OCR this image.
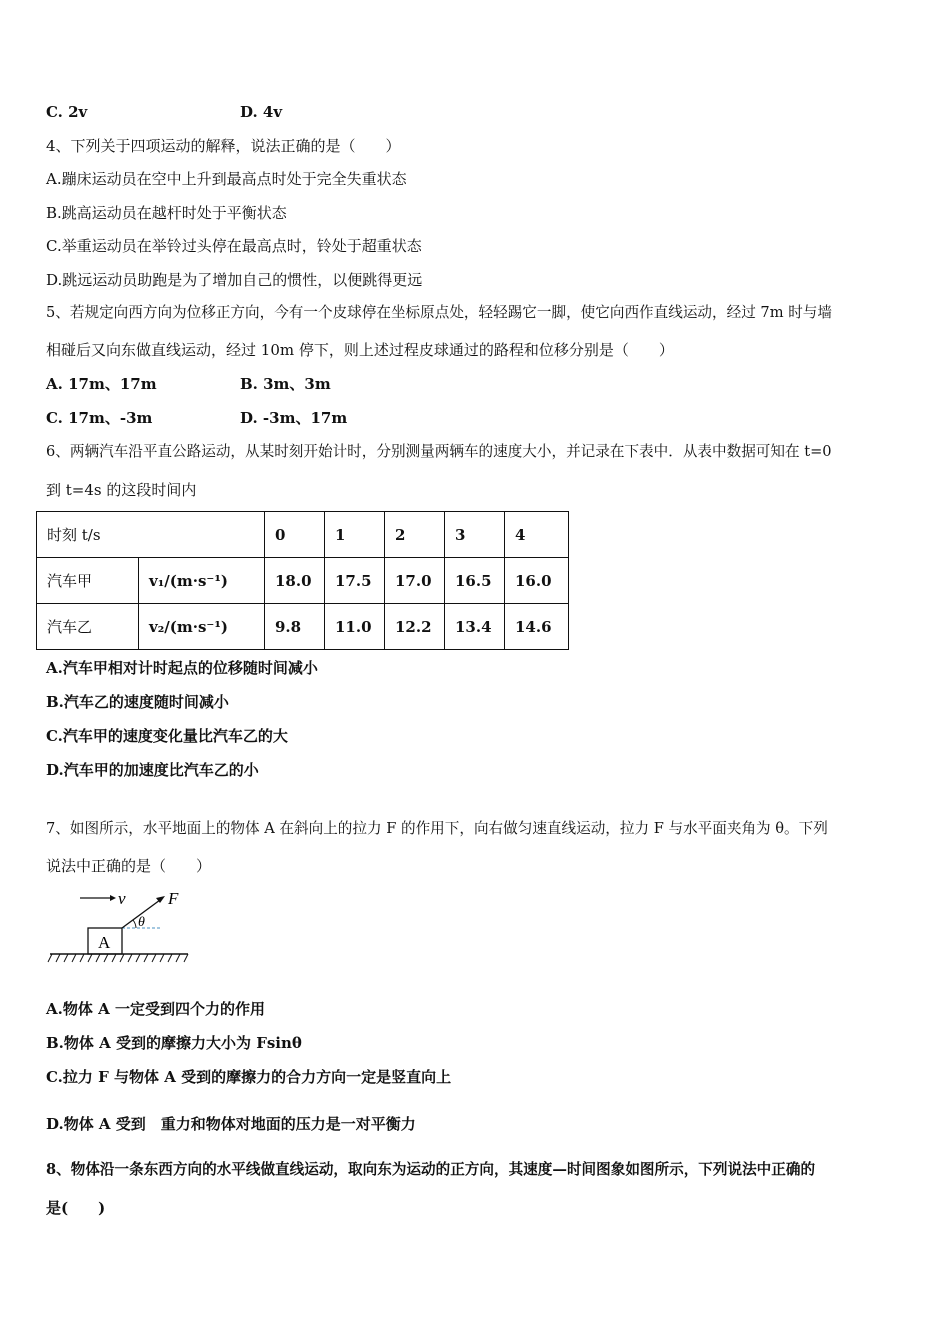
C. 2v	D. 4v
4、下列关于四项运动的解释，说法正确的是（　　）
A.蹦床运动员在空中上升到最高点时处于完全失重状态
B.跳高运动员在越杆时处于平衡状态
C.举重运动员在举铃过头停在最高点时，铃处于超重状态
D.跳远运动员助跑是为了增加自己的惯性，以便跳得更远
5、若规定向西方向为位移正方向，今有一个皮球停在坐标原点处，轻轻踢它一脚，使它向西作直线运动，经过 7m 时与墙
相碰后又向东做直线运动，经过 10m 停下，则上述过程皮球通过的路程和位移分别是（　　）
A. 17m、17m	B. 3m、3m
C. 17m、-3m	D. -3m、17m
6、两辆汽车沿平直公路运动，从某时刻开始计时，分别测量两辆车的速度大小，并记录在下表中．从表中数据可知在 t=0
到 t=4s 的这段时间内
时刻 t/s		0	1	2	3	4
汽车甲	v₁/(m·s⁻¹)	18.0	17.5	17.0	16.5	16.0
汽车乙	v₂/(m·s⁻¹)	9.8	11.0	12.2	13.4	14.6
A.汽车甲相对计时起点的位移随时间减小
B.汽车乙的速度随时间减小
C.汽车甲的速度变化量比汽车乙的大
D.汽车甲的加速度比汽车乙的小
7、如图所示，水平地面上的物体 A 在斜向上的拉力 F 的作用下，向右做匀速直线运动，拉力 F 与水平面夹角为 θ。下列
说法中正确的是（　　）
v
A
F
θ
A.物体 A 一定受到四个力的作用
B.物体 A 受到的摩擦力大小为 Fsinθ
C.拉力 F 与物体 A 受到的摩擦力的合力方向一定是竖直向上
D.物体 A 受到　重力和物体对地面的压力是一对平衡力
8、物体沿一条东西方向的水平线做直线运动，取向东为运动的正方向，其速度—时间图象如图所示，下列说法中正确的
是(　　)
